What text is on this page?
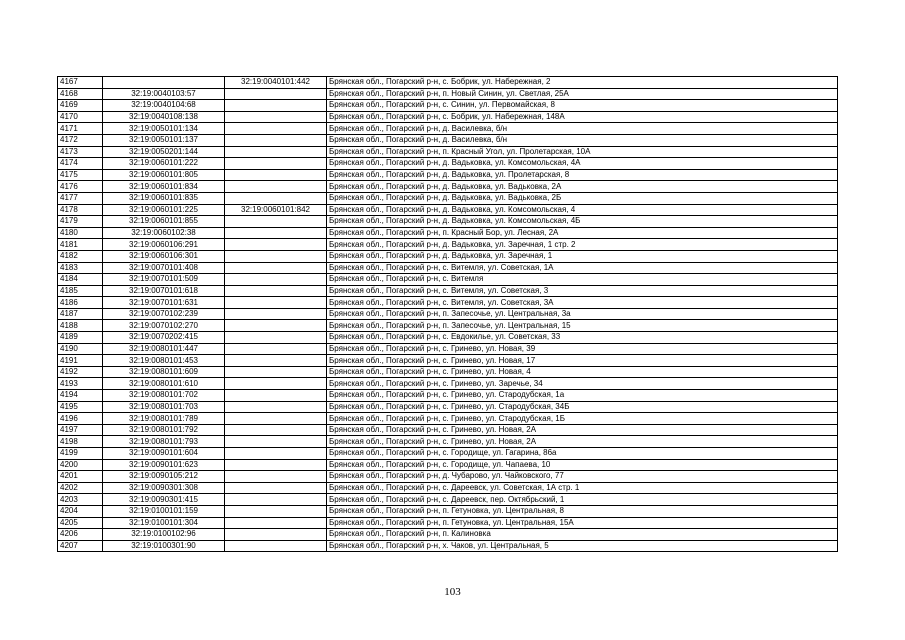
4167		32:19:0040101:442	Брянская обл., Погарский р-н, с. Бобрик, ул. Набережная, 2
4168	32:19:0040103:57		Брянская обл., Погарский р-н, п. Новый Синин, ул. Светлая, 25А
4169	32:19:0040104:68		Брянская обл., Погарский р-н, с. Синин, ул. Первомайская, 8
4170	32:19:0040108:138		Брянская обл., Погарский р-н, с. Бобрик, ул. Набережная, 148А
4171	32:19:0050101:134		Брянская обл., Погарский р-н, д. Василевка, б/н
4172	32:19:0050101:137		Брянская обл., Погарский р-н, д. Василевка, б/н
4173	32:19:0050201:144		Брянская обл., Погарский р-н, п. Красный Угол, ул. Пролетарская, 10А
4174	32:19:0060101:222		Брянская обл., Погарский р-н, д. Вадьковка, ул. Комсомольская, 4А
4175	32:19:0060101:805		Брянская обл., Погарский р-н, д. Вадьковка, ул. Пролетарская, 8
4176	32:19:0060101:834		Брянская обл., Погарский р-н, д. Вадьковка, ул. Вадьковка, 2А
4177	32:19:0060101:835		Брянская обл., Погарский р-н, д. Вадьковка, ул. Вадьковка, 2Б
4178	32:19:0060101:225	32:19:0060101:842	Брянская обл., Погарский р-н, д. Вадьковка, ул. Комсомольская, 4
4179	32:19:0060101:855		Брянская обл., Погарский р-н, д. Вадьковка, ул. Комсомольская, 4Б
4180	32:19:0060102:38		Брянская обл., Погарский р-н, п. Красный Бор, ул. Лесная, 2А
4181	32:19:0060106:291		Брянская обл., Погарский р-н, д. Вадьковка, ул. Заречная, 1 стр. 2
4182	32:19:0060106:301		Брянская обл., Погарский р-н, д. Вадьковка, ул. Заречная, 1
4183	32:19:0070101:408		Брянская обл., Погарский р-н, с. Витемля, ул. Советская, 1А
4184	32:19:0070101:509		Брянская обл., Погарский р-н, с. Витемля
4185	32:19:0070101:618		Брянская обл., Погарский р-н, с. Витемля, ул. Советская, 3
4186	32:19:0070101:631		Брянская обл., Погарский р-н, с. Витемля, ул. Советская, 3А
4187	32:19:0070102:239		Брянская обл., Погарский р-н, п. Запесочье, ул. Центральная, 3а
4188	32:19:0070102:270		Брянская обл., Погарский р-н, п. Запесочье, ул. Центральная, 15
4189	32:19:0070202:415		Брянская обл., Погарский р-н, с. Евдокилье, ул. Советская, 33
4190	32:19:0080101:447		Брянская обл., Погарский р-н, с. Гринево, ул. Новая, 39
4191	32:19:0080101:453		Брянская обл., Погарский р-н, с. Гринево, ул. Новая, 17
4192	32:19:0080101:609		Брянская обл., Погарский р-н, с. Гринево, ул. Новая, 4
4193	32:19:0080101:610		Брянская обл., Погарский р-н, с. Гринево, ул. Заречье, 34
4194	32:19:0080101:702		Брянская обл., Погарский р-н, с. Гринево, ул. Стародубская, 1а
4195	32:19:0080101:703		Брянская обл., Погарский р-н, с. Гринево, ул. Стародубская, 34Б
4196	32:19:0080101:789		Брянская обл., Погарский р-н, с. Гринево, ул. Стародубская, 1Б
4197	32:19:0080101:792		Брянская обл., Погарский р-н, с. Гринево, ул. Новая, 2А
4198	32:19:0080101:793		Брянская обл., Погарский р-н, с. Гринево, ул. Новая, 2А
4199	32:19:0090101:604		Брянская обл., Погарский р-н, с. Городище, ул. Гагарина, 86а
4200	32:19:0090101:623		Брянская обл., Погарский р-н, с. Городище, ул. Чапаева, 10
4201	32:19:0090105:212		Брянская обл., Погарский р-н, д. Чубарово, ул. Чайковского, 77
4202	32:19:0090301:308		Брянская обл., Погарский р-н, с. Дареевск, ул. Советская, 1А стр. 1
4203	32:19:0090301:415		Брянская обл., Погарский р-н, с. Дареевск, пер. Октябрьский, 1
4204	32:19:0100101:159		Брянская обл., Погарский р-н, п. Гетуновка, ул. Центральная, 8
4205	32:19:0100101:304		Брянская обл., Погарский р-н, п. Гетуновка, ул. Центральная, 15А
4206	32:19:0100102:96		Брянская обл., Погарский р-н, п. Калиновка
4207	32:19:0100301:90		Брянская обл., Погарский р-н, х. Чаков, ул. Центральная, 5
103
